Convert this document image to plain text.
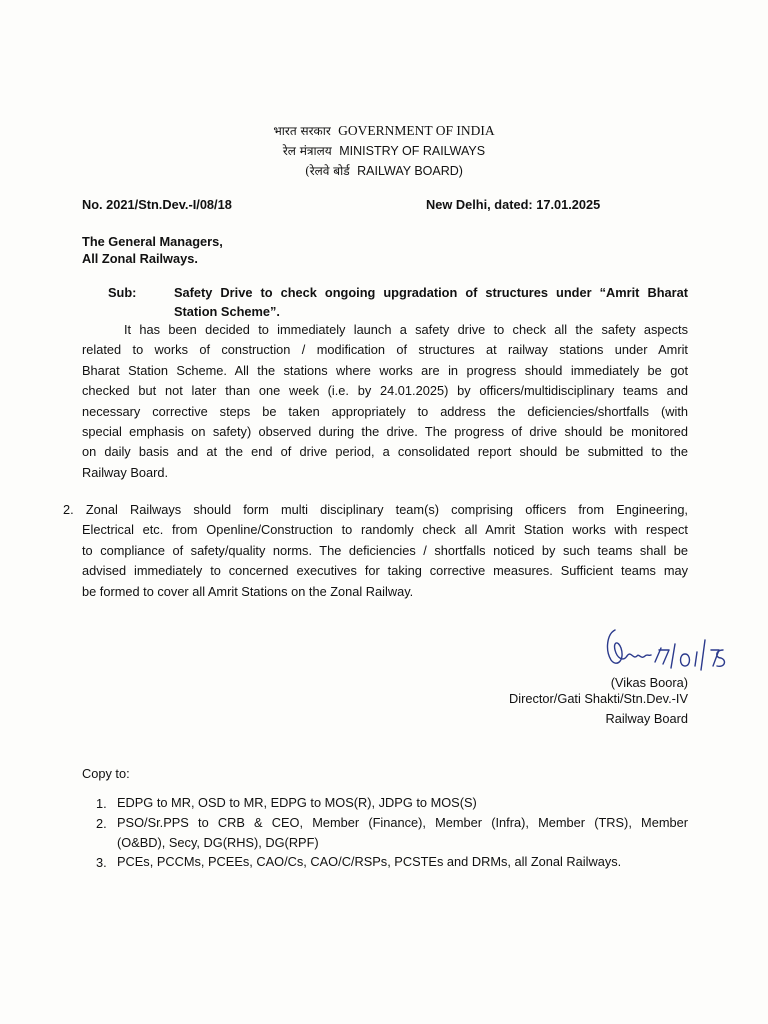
भारत सरकार GOVERNMENT OF INDIA
रेल मंत्रालय MINISTRY OF RAILWAYS
(रेलवे बोर्ड RAILWAY BOARD)
No. 2021/Stn.Dev.-I/08/18	New Delhi, dated: 17.01.2025
The General Managers,
All Zonal Railways.
Sub:	Safety Drive to check ongoing upgradation of structures under “Amrit Bharat
Station Scheme”.
It has been decided to immediately launch a safety drive to check all the safety aspects
related to works of construction / modification of structures at railway stations under Amrit
Bharat Station Scheme. All the stations where works are in progress should immediately be got
checked but not later than one week (i.e. by 24.01.2025) by officers/multidisciplinary teams and
necessary corrective steps be taken appropriately to address the deficiencies/shortfalls (with
special emphasis on safety) observed during the drive. The progress of drive should be monitored
on daily basis and at the end of drive period, a consolidated report should be submitted to the
Railway Board.
2. Zonal Railways should form multi disciplinary team(s) comprising officers from Engineering,
Electrical etc. from Openline/Construction to randomly check all Amrit Station works with respect
to compliance of safety/quality norms. The deficiencies / shortfalls noticed by such teams shall be
advised immediately to concerned executives for taking corrective measures. Sufficient teams may
be formed to cover all Amrit Stations on the Zonal Railway.
(Vikas Boora)
Director/Gati Shakti/Stn.Dev.-IV
Railway Board
Copy to:
1. EDPG to MR, OSD to MR, EDPG to MOS(R), JDPG to MOS(S)
2. PSO/Sr.PPS to CRB & CEO, Member (Finance), Member (Infra), Member (TRS), Member
(O&BD), Secy, DG(RHS), DG(RPF)
3. PCEs, PCCMs, PCEEs, CAO/Cs, CAO/C/RSPs, PCSTEs and DRMs, all Zonal Railways.
